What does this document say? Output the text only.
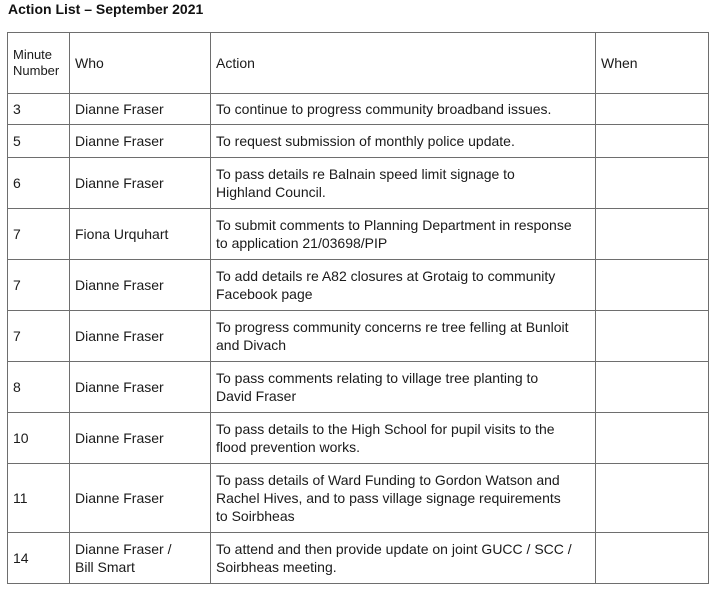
Action List – September 2021
Minute
Number	Who	Action	When
3	Dianne Fraser	To continue to progress community broadband issues.	
5	Dianne Fraser	To request submission of monthly police update.	
6	Dianne Fraser	To pass details re Balnain speed limit signage to
Highland Council.	
7	Fiona Urquhart	To submit comments to Planning Department in response
to application 21/03698/PIP	
7	Dianne Fraser	To add details re A82 closures at Grotaig to community
Facebook page	
7	Dianne Fraser	To progress community concerns re tree felling at Bunloit
and Divach	
8	Dianne Fraser	To pass comments relating to village tree planting to
David Fraser	
10	Dianne Fraser	To pass details to the High School for pupil visits to the
flood prevention works.	
11	Dianne Fraser	To pass details of Ward Funding to Gordon Watson and
Rachel Hives, and to pass village signage requirements
to Soirbheas	
14	Dianne Fraser /
Bill Smart	To attend and then provide update on joint GUCC / SCC /
Soirbheas meeting.	
